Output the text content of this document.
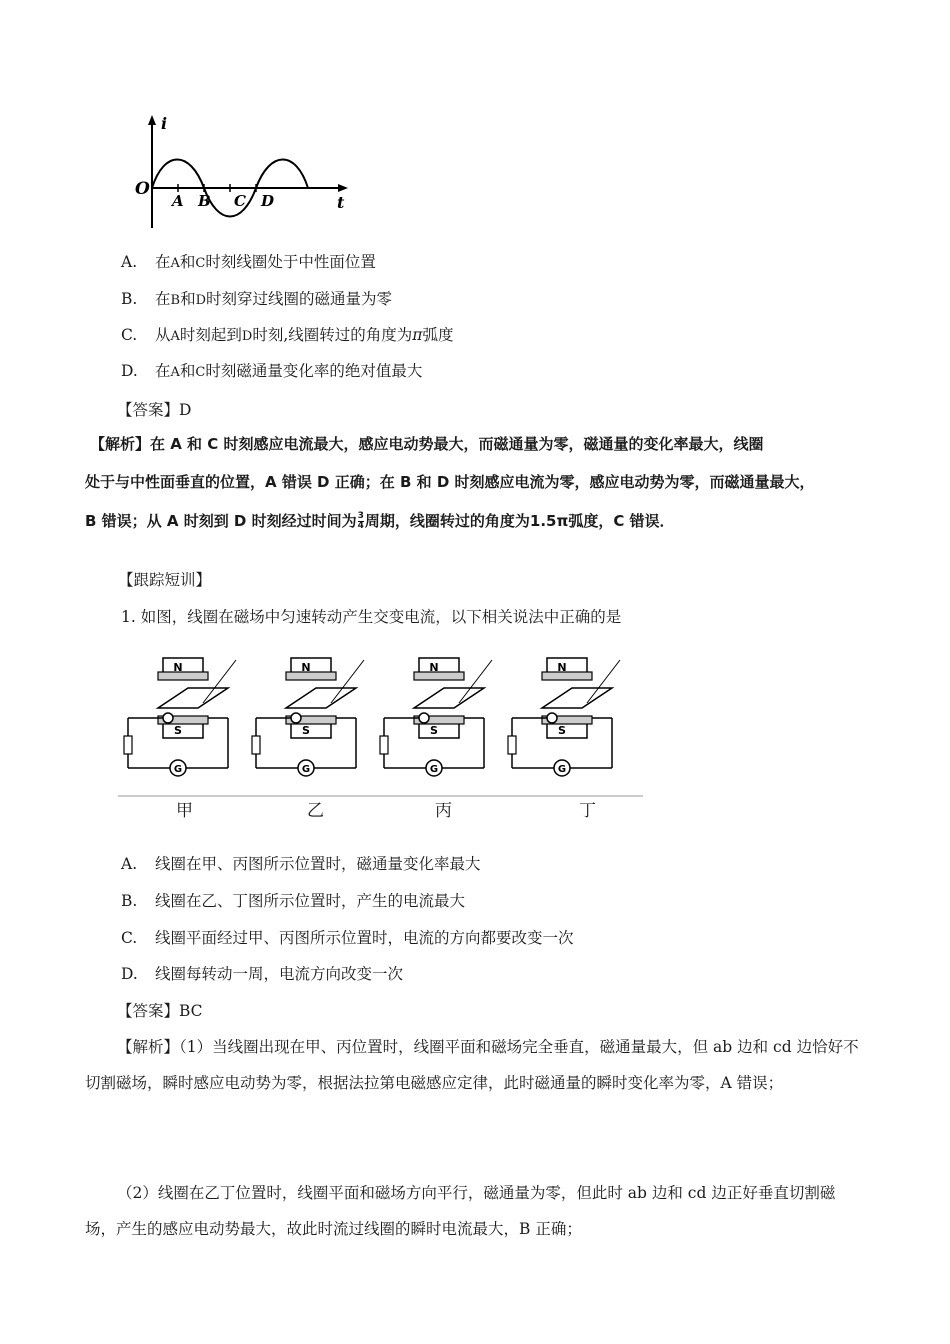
i
t
O
A B C D
A. 在A和C时刻线圈处于中性面位置
B. 在B和D时刻穿过线圈的磁通量为零
C. 从A时刻起到D时刻,线圈转过的角度为π弧度
D. 在A和C时刻磁通量变化率的绝对值最大
【答案】D
【解析】在 A 和 C 时刻感应电流最大，感应电动势最大，而磁通量为零，磁通量的变化率最大，线圈
处于与中性面垂直的位置，A 错误 D 正确；在 B 和 D 时刻感应电流为零，感应电动势为零，而磁通量最大，
B 错误；从 A 时刻到 D 时刻经过时间为 $\frac{3}{4}$ 周期，线圈转过的角度为1.5π弧度，C 错误．
【跟踪短训】
1. 如图，线圈在磁场中匀速转动产生交变电流，以下相关说法中正确的是
N
S
G
甲	乙	丙	丁
A. 线圈在甲、丙图所示位置时，磁通量变化率最大
B. 线圈在乙、丁图所示位置时，产生的电流最大
C. 线圈平面经过甲、丙图所示位置时，电流的方向都要改变一次
D. 线圈每转动一周，电流方向改变一次
【答案】BC
【解析】（1）当线圈出现在甲、丙位置时，线圈平面和磁场完全垂直，磁通量最大，但 ab 边和 cd 边恰好不切割磁场，瞬时感应电动势为零，根据法拉第电磁感应定律，此时磁通量的瞬时变化率为零，A 错误；
（2）线圈在乙丁位置时，线圈平面和磁场方向平行，磁通量为零，但此时 ab 边和 cd 边正好垂直切割磁场，产生的感应电动势最大，故此时流过线圈的瞬时电流最大，B 正确；
